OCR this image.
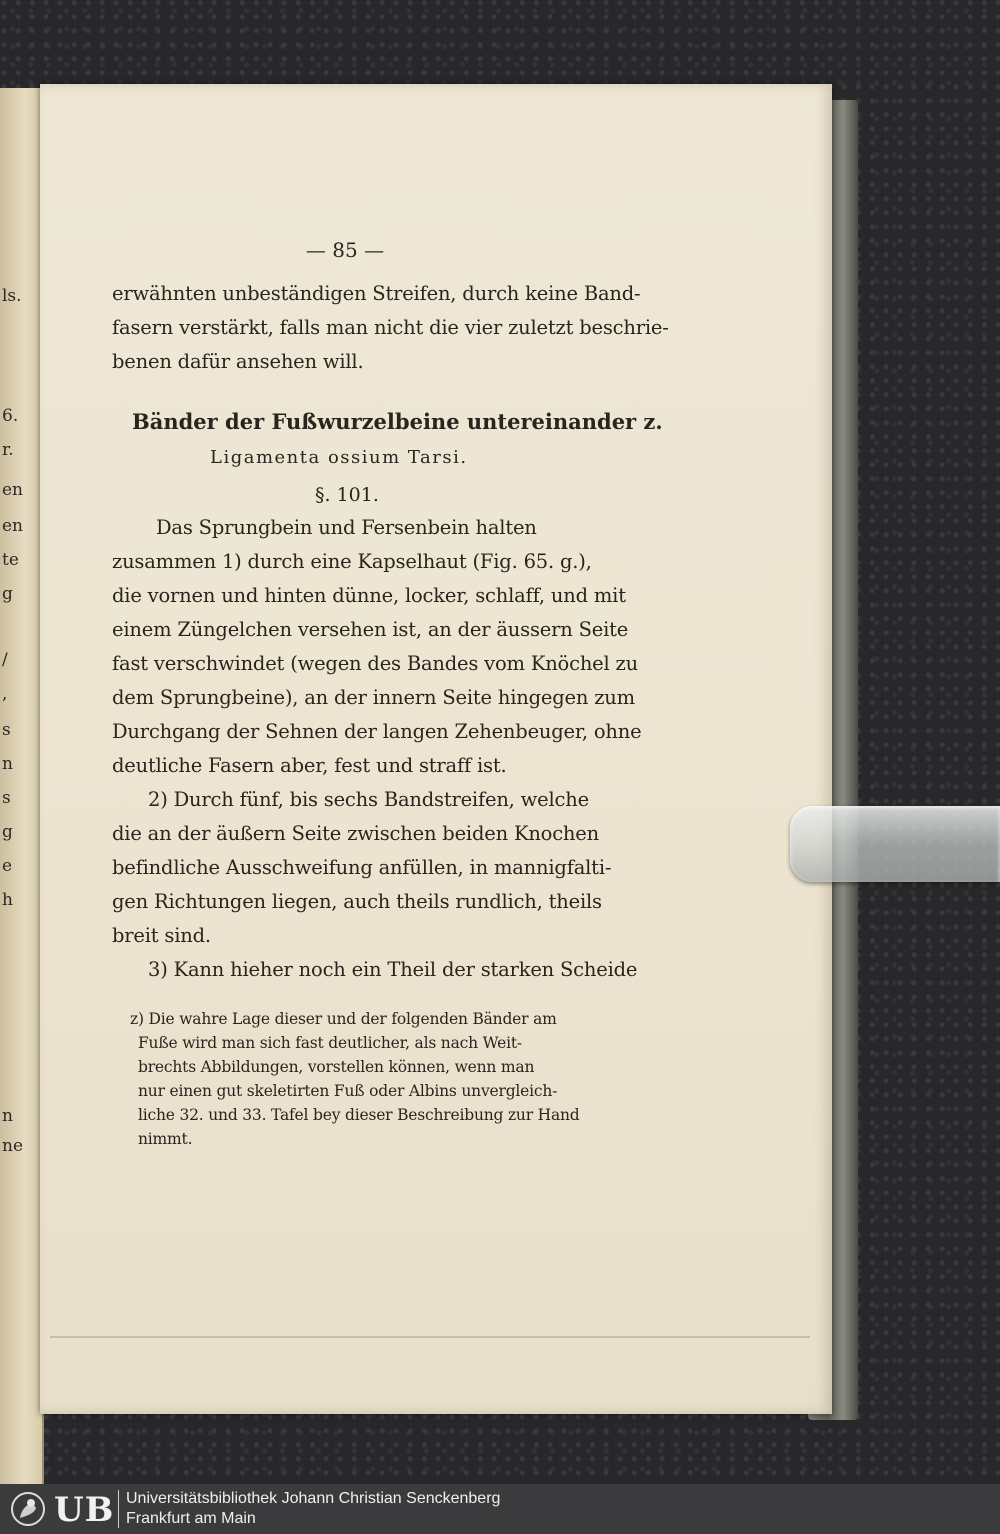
ls.
6.
r.
en
en
te
g
/
,
s
n
s
g
e
h
n
ne
— 85 —
erwähnten unbeständigen Streifen, durch keine Band-
fasern verstärkt, falls man nicht die vier zuletzt beschrie-
benen dafür ansehen will.
Bänder der Fußwurzelbeine untereinander z.
Ligamenta ossium Tarsi.
§. 101.
Das Sprungbein und Fersenbein halten
zusammen 1) durch eine Kapselhaut (Fig. 65. g.),
die vornen und hinten dünne, locker, schlaff, und mit
einem Züngelchen versehen ist, an der äussern Seite
fast verschwindet (wegen des Bandes vom Knöchel zu
dem Sprungbeine), an der innern Seite hingegen zum
Durchgang der Sehnen der langen Zehenbeuger, ohne
deutliche Fasern aber, fest und straff ist.
2) Durch fünf, bis sechs Bandstreifen, welche
die an der äußern Seite zwischen beiden Knochen
befindliche Ausschweifung anfüllen, in mannigfalti-
gen Richtungen liegen, auch theils rundlich, theils
breit sind.
3) Kann hieher noch ein Theil der starken Scheide
z) Die wahre Lage dieser und der folgenden Bänder am
Fuße wird man sich fast deutlicher, als nach Weit-
brechts Abbildungen, vorstellen können, wenn man
nur einen gut skeletirten Fuß oder Albins unvergleich-
liche 32. und 33. Tafel bey dieser Beschreibung zur Hand
nimmt.
UB Universitätsbibliothek Johann Christian Senckenberg
Frankfurt am Main
